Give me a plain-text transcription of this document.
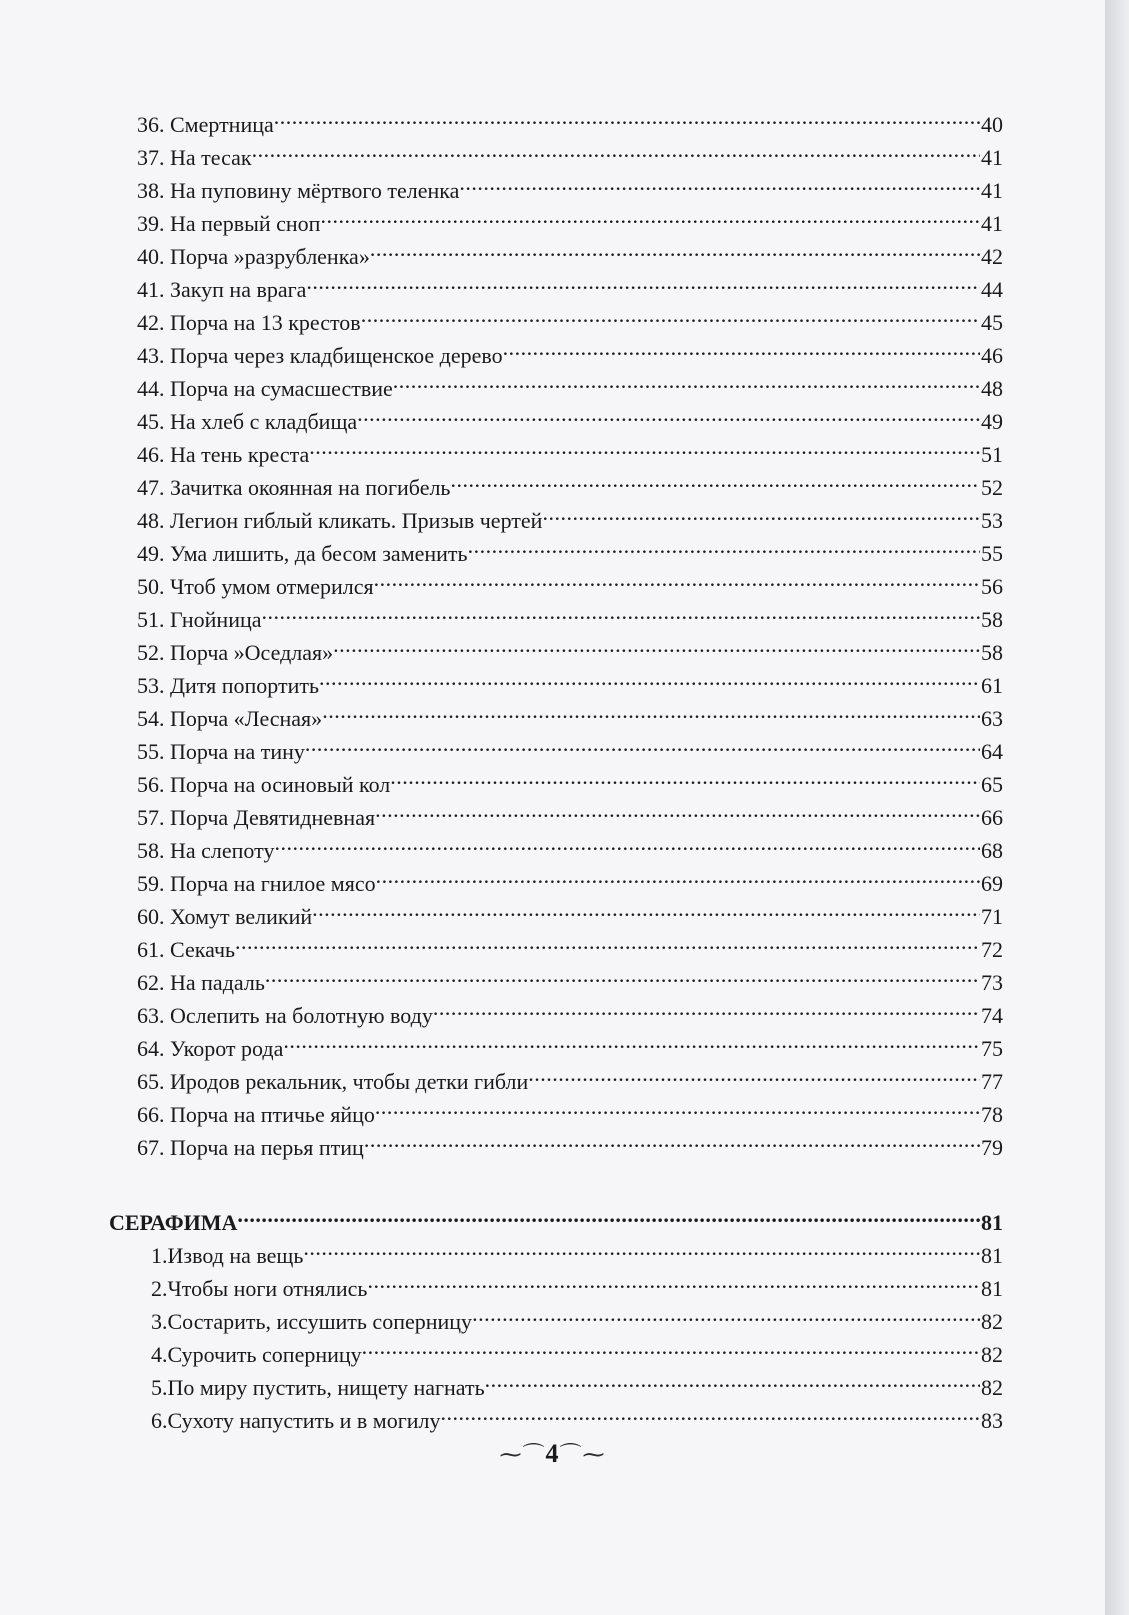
36. Смертница .....	40
37. На тесак .....	41
38. На пуповину мёртвого теленка .....	41
39. На первый сноп .....	41
40. Порча »разрубленка» .....	42
41. Закуп на врага .....	44
42. Порча на 13 крестов .....	45
43. Порча через кладбищенское дерево .....	46
44. Порча на сумасшествие .....	48
45. На хлеб с кладбища .....	49
46. На тень креста .....	51
47. Зачитка окоянная на погибель .....	52
48. Легион гиблый кликать. Призыв чертей .....	53
49. Ума лишить, да бесом заменить .....	55
50. Чтоб умом отмерился .....	56
51. Гнойница .....	58
52. Порча »Оседлая» .....	58
53. Дитя попортить .....	61
54. Порча «Лесная» .....	63
55. Порча на тину .....	64
56. Порча на осиновый кол .....	65
57. Порча Девятидневная .....	66
58. На слепоту .....	68
59. Порча на гнилое мясо .....	69
60. Хомут великий .....	71
61. Секачь .....	72
62. На падаль .....	73
63. Ослепить на болотную воду .....	74
64. Укорот рода .....	75
65. Иродов рекальник, чтобы детки гибли .....	77
66. Порча на птичье яйцо .....	78
67. Порча на перья птиц .....	79
СЕРАФИМА .....	81
1.Извод на вещь .....	81
2.Чтобы ноги отнялись .....	81
3.Состарить, иссушить соперницу .....	82
4.Сурочить соперницу .....	82
5.По миру пустить, нищету нагнать .....	82
6.Сухоту напустить и в могилу .....	83
⁓⌒4⌒⁓
